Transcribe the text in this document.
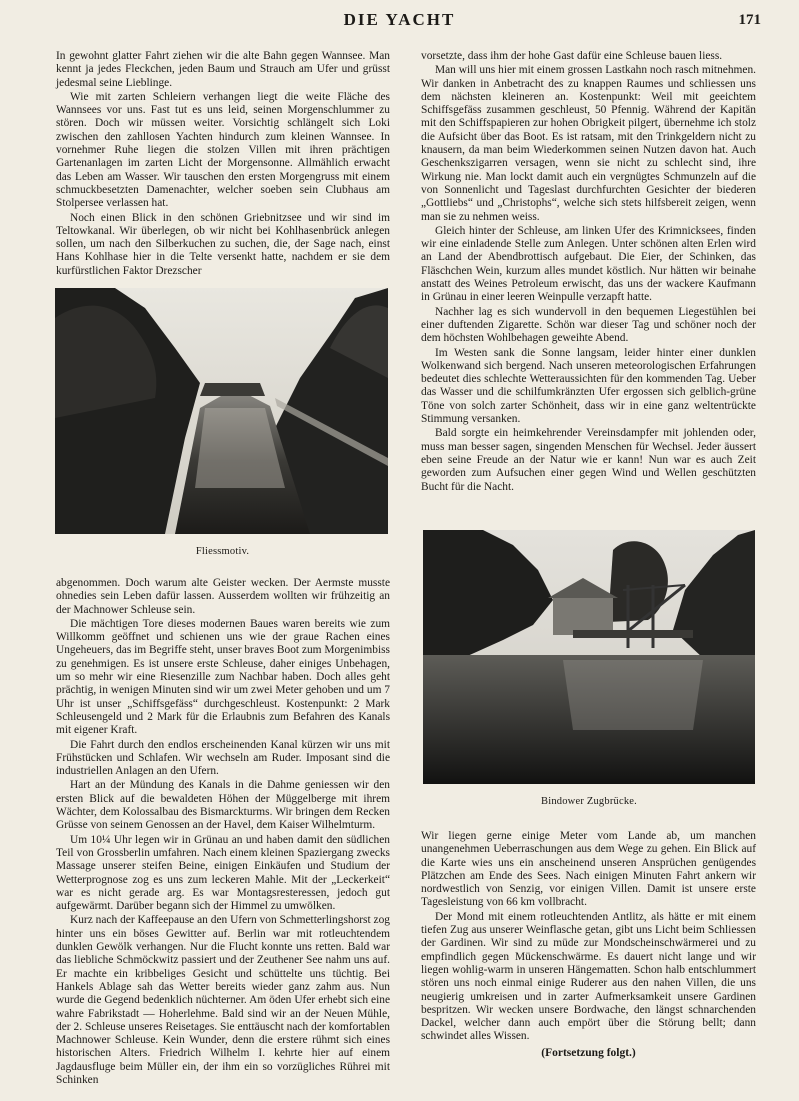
DIE YACHT	171

In gewohnt glatter Fahrt ziehen wir die alte Bahn gegen Wannsee. Man kennt ja jedes Fleckchen, jeden Baum und Strauch am Ufer und grüsst jedesmal seine Lieblinge.

Wie mit zarten Schleiern verhangen liegt die weite Fläche des Wannsees vor uns. Fast tut es uns leid, seinen Morgenschlummer zu stören. Doch wir müssen weiter. Vorsichtig schlängelt sich Loki zwischen den zahllosen Yachten hindurch zum kleinen Wannsee. In vornehmer Ruhe liegen die stolzen Villen mit ihren prächtigen Gartenanlagen im zarten Licht der Morgensonne. Allmählich erwacht das Leben am Wasser. Wir tauschen den ersten Morgengruss mit einem schmuckbesetzten Damenachter, welcher soeben sein Clubhaus am Stolpersee verlassen hat.

Noch einen Blick in den schönen Griebnitzsee und wir sind im Teltowkanal. Wir überlegen, ob wir nicht bei Kohlhasenbrück anlegen sollen, um nach den Silberkuchen zu suchen, die, der Sage nach, einst Hans Kohlhase hier in die Telte versenkt hatte, nachdem er sie dem kurfürstlichen Faktor Drezscher

Fliessmotiv.

abgenommen. Doch warum alte Geister wecken. Der Aermste musste ohnedies sein Leben dafür lassen. Ausserdem wollten wir frühzeitig an der Machnower Schleuse sein.

Die mächtigen Tore dieses modernen Baues waren bereits wie zum Willkomm geöffnet und schienen uns wie der graue Rachen eines Ungeheuers, das im Begriffe steht, unser braves Boot zum Morgenimbiss zu genehmigen. Es ist unsere erste Schleuse, daher einiges Unbehagen, um so mehr wir eine Riesenzille zum Nachbar haben. Doch alles geht prächtig, in wenigen Minuten sind wir um zwei Meter gehoben und um 7 Uhr ist unser „Schiffsgefäss“ durchgeschleust. Kostenpunkt: 2 Mark Schleusengeld und 2 Mark für die Erlaubnis zum Befahren des Kanals mit eigener Kraft.

Die Fahrt durch den endlos erscheinenden Kanal kürzen wir uns mit Frühstücken und Schlafen. Wir wechseln am Ruder. Imposant sind die industriellen Anlagen an den Ufern.

Hart an der Mündung des Kanals in die Dahme geniessen wir den ersten Blick auf die bewaldeten Höhen der Müggelberge mit ihrem Wächter, dem Kolossalbau des Bismarckturms. Wir bringen dem Recken Grüsse von seinem Genossen an der Havel, dem Kaiser Wilhelmturm.

Um 10¼ Uhr legen wir in Grünau an und haben damit den südlichen Teil von Grossberlin umfahren. Nach einem kleinen Spaziergang zwecks Massage unserer steifen Beine, einigen Einkäufen und Studium der Wetterprognose zog es uns zum leckeren Mahle. Mit der „Leckerkeit“ war es nicht gerade arg. Es war Montagsresteressen, jedoch gut aufgewärmt. Darüber begann sich der Himmel zu umwölken.

Kurz nach der Kaffeepause an den Ufern von Schmetterlingshorst zog hinter uns ein böses Gewitter auf. Berlin war mit rotleuchtendem dunklen Gewölk verhangen. Nur die Flucht konnte uns retten. Bald war das liebliche Schmöckwitz passiert und der Zeuthener See nahm uns auf. Er machte ein kribbeliges Gesicht und schüttelte uns tüchtig. Bei Hankels Ablage sah das Wetter bereits wieder ganz zahm aus. Nun wurde die Gegend bedenklich nüchterner. Am öden Ufer erhebt sich eine wahre Fabrikstadt — Hoherlehme. Bald sind wir an der Neuen Mühle, der 2. Schleuse unseres Reisetages. Sie enttäuscht nach der komfortablen Machnower Schleuse. Kein Wunder, denn die erstere rühmt sich eines historischen Alters. Friedrich Wilhelm I. kehrte hier auf einem Jagdausfluge beim Müller ein, der ihm ein so vorzügliches Rührei mit Schinken

vorsetzte, dass ihm der hohe Gast dafür eine Schleuse bauen liess.

Man will uns hier mit einem grossen Lastkahn noch rasch mitnehmen. Wir danken in Anbetracht des zu knappen Raumes und schliessen uns dem nächsten kleineren an. Kostenpunkt: Weil mit geeichtem Schiffsgefäss zusammen geschleust, 50 Pfennig. Während der Kapitän mit den Schiffspapieren zur hohen Obrigkeit pilgert, übernehme ich stolz die Aufsicht über das Boot. Es ist ratsam, mit den Trinkgeldern nicht zu knausern, da man beim Wiederkommen seinen Nutzen davon hat. Auch Geschenkszigarren versagen, wenn sie nicht zu schlecht sind, ihre Wirkung nie. Man lockt damit auch ein vergnügtes Schmunzeln auf die von Sonnenlicht und Tageslast durchfurchten Gesichter der biederen „Gottliebs“ und „Christophs“, welche sich stets hilfsbereit zeigen, wenn man sie zu nehmen weiss.

Gleich hinter der Schleuse, am linken Ufer des Krimnicksees, finden wir eine einladende Stelle zum Anlegen. Unter schönen alten Erlen wird an Land der Abendbrottisch aufgebaut. Die Eier, der Schinken, das Fläschchen Wein, kurzum alles mundet köstlich. Nur hätten wir beinahe anstatt des Weines Petroleum erwischt, das uns der wackere Kaufmann in Grünau in einer leeren Weinpulle verzapft hatte.

Nachher lag es sich wundervoll in den bequemen Liegestühlen bei einer duftenden Zigarette. Schön war dieser Tag und schöner noch der dem höchsten Wohlbehagen geweihte Abend.

Im Westen sank die Sonne langsam, leider hinter einer dunklen Wolkenwand sich bergend. Nach unseren meteorologischen Erfahrungen bedeutet dies schlechte Wetteraussichten für den kommenden Tag. Ueber das Wasser und die schilfumkränzten Ufer ergossen sich gelblich-grüne Töne von solch zarter Schönheit, dass wir in eine ganz weltentrückte Stimmung versanken.

Bald sorgte ein heimkehrender Vereinsdampfer mit johlenden oder, muss man besser sagen, singenden Menschen für Wechsel. Jeder äussert eben seine Freude an der Natur wie er kann! Nun war es auch Zeit geworden zum Aufsuchen einer gegen Wind und Wellen geschützten Bucht für die Nacht.

Bindower Zugbrücke.

Wir liegen gerne einige Meter vom Lande ab, um manchen unangenehmen Ueberraschungen aus dem Wege zu gehen. Ein Blick auf die Karte wies uns ein anscheinend unseren Ansprüchen genügendes Plätzchen am Ende des Sees. Nach einigen Minuten Fahrt ankern wir nordwestlich von Senzig, vor einigen Villen. Damit ist unsere erste Tagesleistung von 66 km vollbracht.

Der Mond mit einem rotleuchtenden Antlitz, als hätte er mit einem tiefen Zug aus unserer Weinflasche getan, gibt uns Licht beim Schliessen der Gardinen. Wir sind zu müde zur Mondscheinschwärmerei und zu empfindlich gegen Mückenschwärme. Es dauert nicht lange und wir liegen wohlig-warm in unseren Hängematten. Schon halb entschlummert stören uns noch einmal einige Ruderer aus den nahen Villen, die uns neugierig umkreisen und in zarter Aufmerksamkeit unsere Gardinen bespritzen. Wir wecken unsere Bordwache, den längst schnarchenden Dackel, welcher dann auch empört über die Störung bellt; dann schwindet alles Wissen.

(Fortsetzung folgt.)
